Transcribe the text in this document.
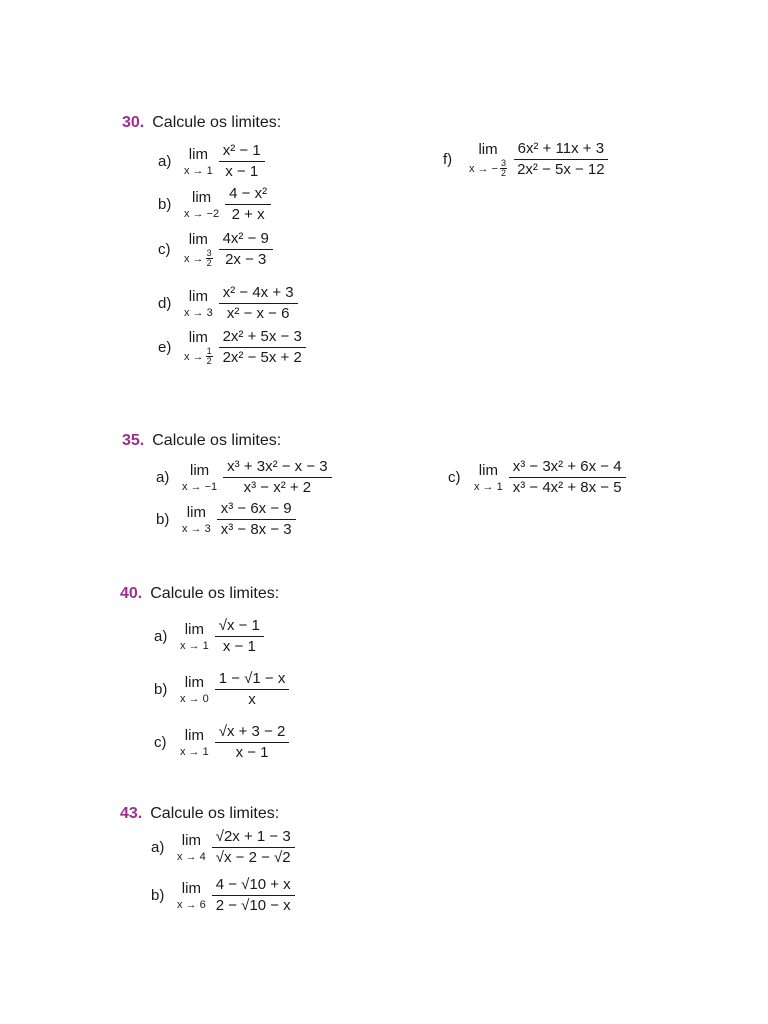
30. Calcule os limites:
a)	lim
$x \to 1 \frac{\text{x² − 1}}{x - 1}$
b)	lim
$x \to -2 \frac{\text{4 − x²}}{2 + x}$
c)
lim
$x \to \frac{3}{2} \frac{\text{4x² − 9}}{2x - 3}$
d)	lim
$x \to 3 \frac{\text{x² − 4x + 3}}{\text{x² − x − 6}}$
e)
lim
$x \to \frac{1}{2} \frac{\text{2x² + 5x − 3}}{\text{2x² − 5x + 2}}$
f)
lim
x → − $\frac{3}{2} \frac{\text{6x² + 11x + 3}}{\text{2x² − 5x − 12}}$
35. Calcule os limites:
a)	lim
$x \to -1 \frac{\text{x³ + 3x² − x − 3}}{\text{x³ − x² + 2}}$
b)	lim
$x \to 3 \frac{\text{x³ − 6x − 9}}{\text{x³ − 8x − 3}}$
c)	lim
$x \to 1 \frac{\text{x³ − 3x² + 6x − 4}}{\text{x³ − 4x² + 8x − 5}}$
40. Calcule os limites:
a)	lim
$x \to 1 \frac{√x - 1}{x - 1}$
b)	lim
$x \to 0 \frac{1 - √1 - x}{x}$
c)	lim
$x \to 1 \frac{√x + 3 - 2}{x - 1}$
43. Calcule os limites:
a)	lim
$x \to 4 \frac{√2x + 1 - 3}{√x - 2 - √2}$
b)	lim
$x \to 6 \frac{4 - √10 + x}{2 - √10 - x}$
